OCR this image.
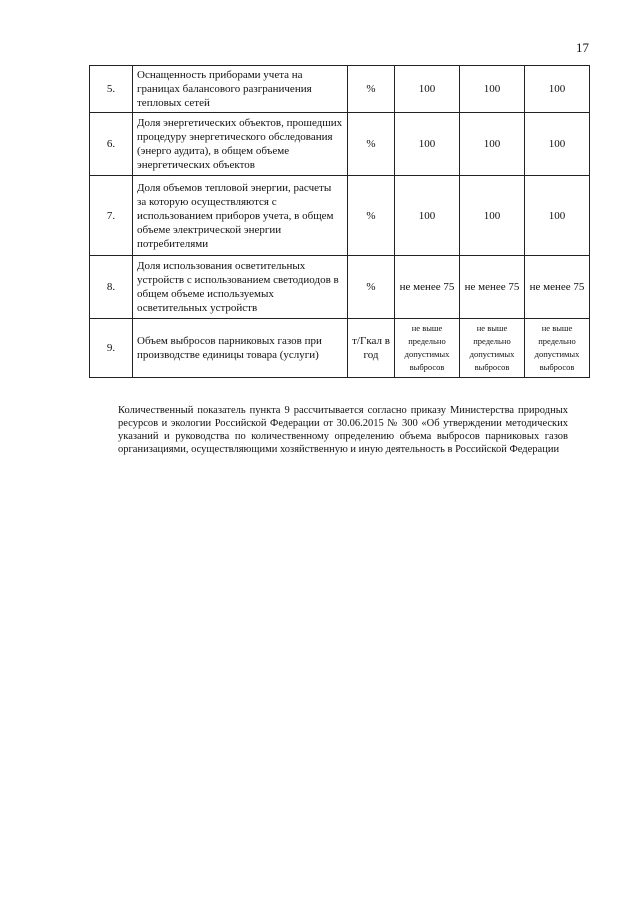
17
5.	Оснащенность приборами учета на границах балансового разграничения тепловых сетей	%	100	100	100
6.	Доля энергетических объектов, прошедших процедуру энергетического обследования (энерго аудита), в общем объеме энергетических объектов	%	100	100	100
7.	Доля объемов тепловой энергии, расчеты за которую осуществляются с использованием приборов учета, в общем объеме электрической энергии потребителями	%	100	100	100
8.	Доля использования осветительных устройств с использованием светодиодов в общем объеме используемых осветительных устройств	%	не менее 75	не менее 75	не менее 75
9.	Объем выбросов парниковых газов при производстве единицы товара (услуги)	т/Гкал в год	не выше предельно допустимых выбросов	не выше предельно допустимых выбросов	не выше предельно допустимых выбросов
Количественный показатель пункта 9 рассчитывается согласно приказу Министерства природных ресурсов и экологии Российской Федерации от 30.06.2015 № 300 «Об утверждении методических указаний и руководства по количественному определению объема выбросов парниковых газов организациями, осуществляющими хозяйственную и иную деятельность в Российской Федерации
